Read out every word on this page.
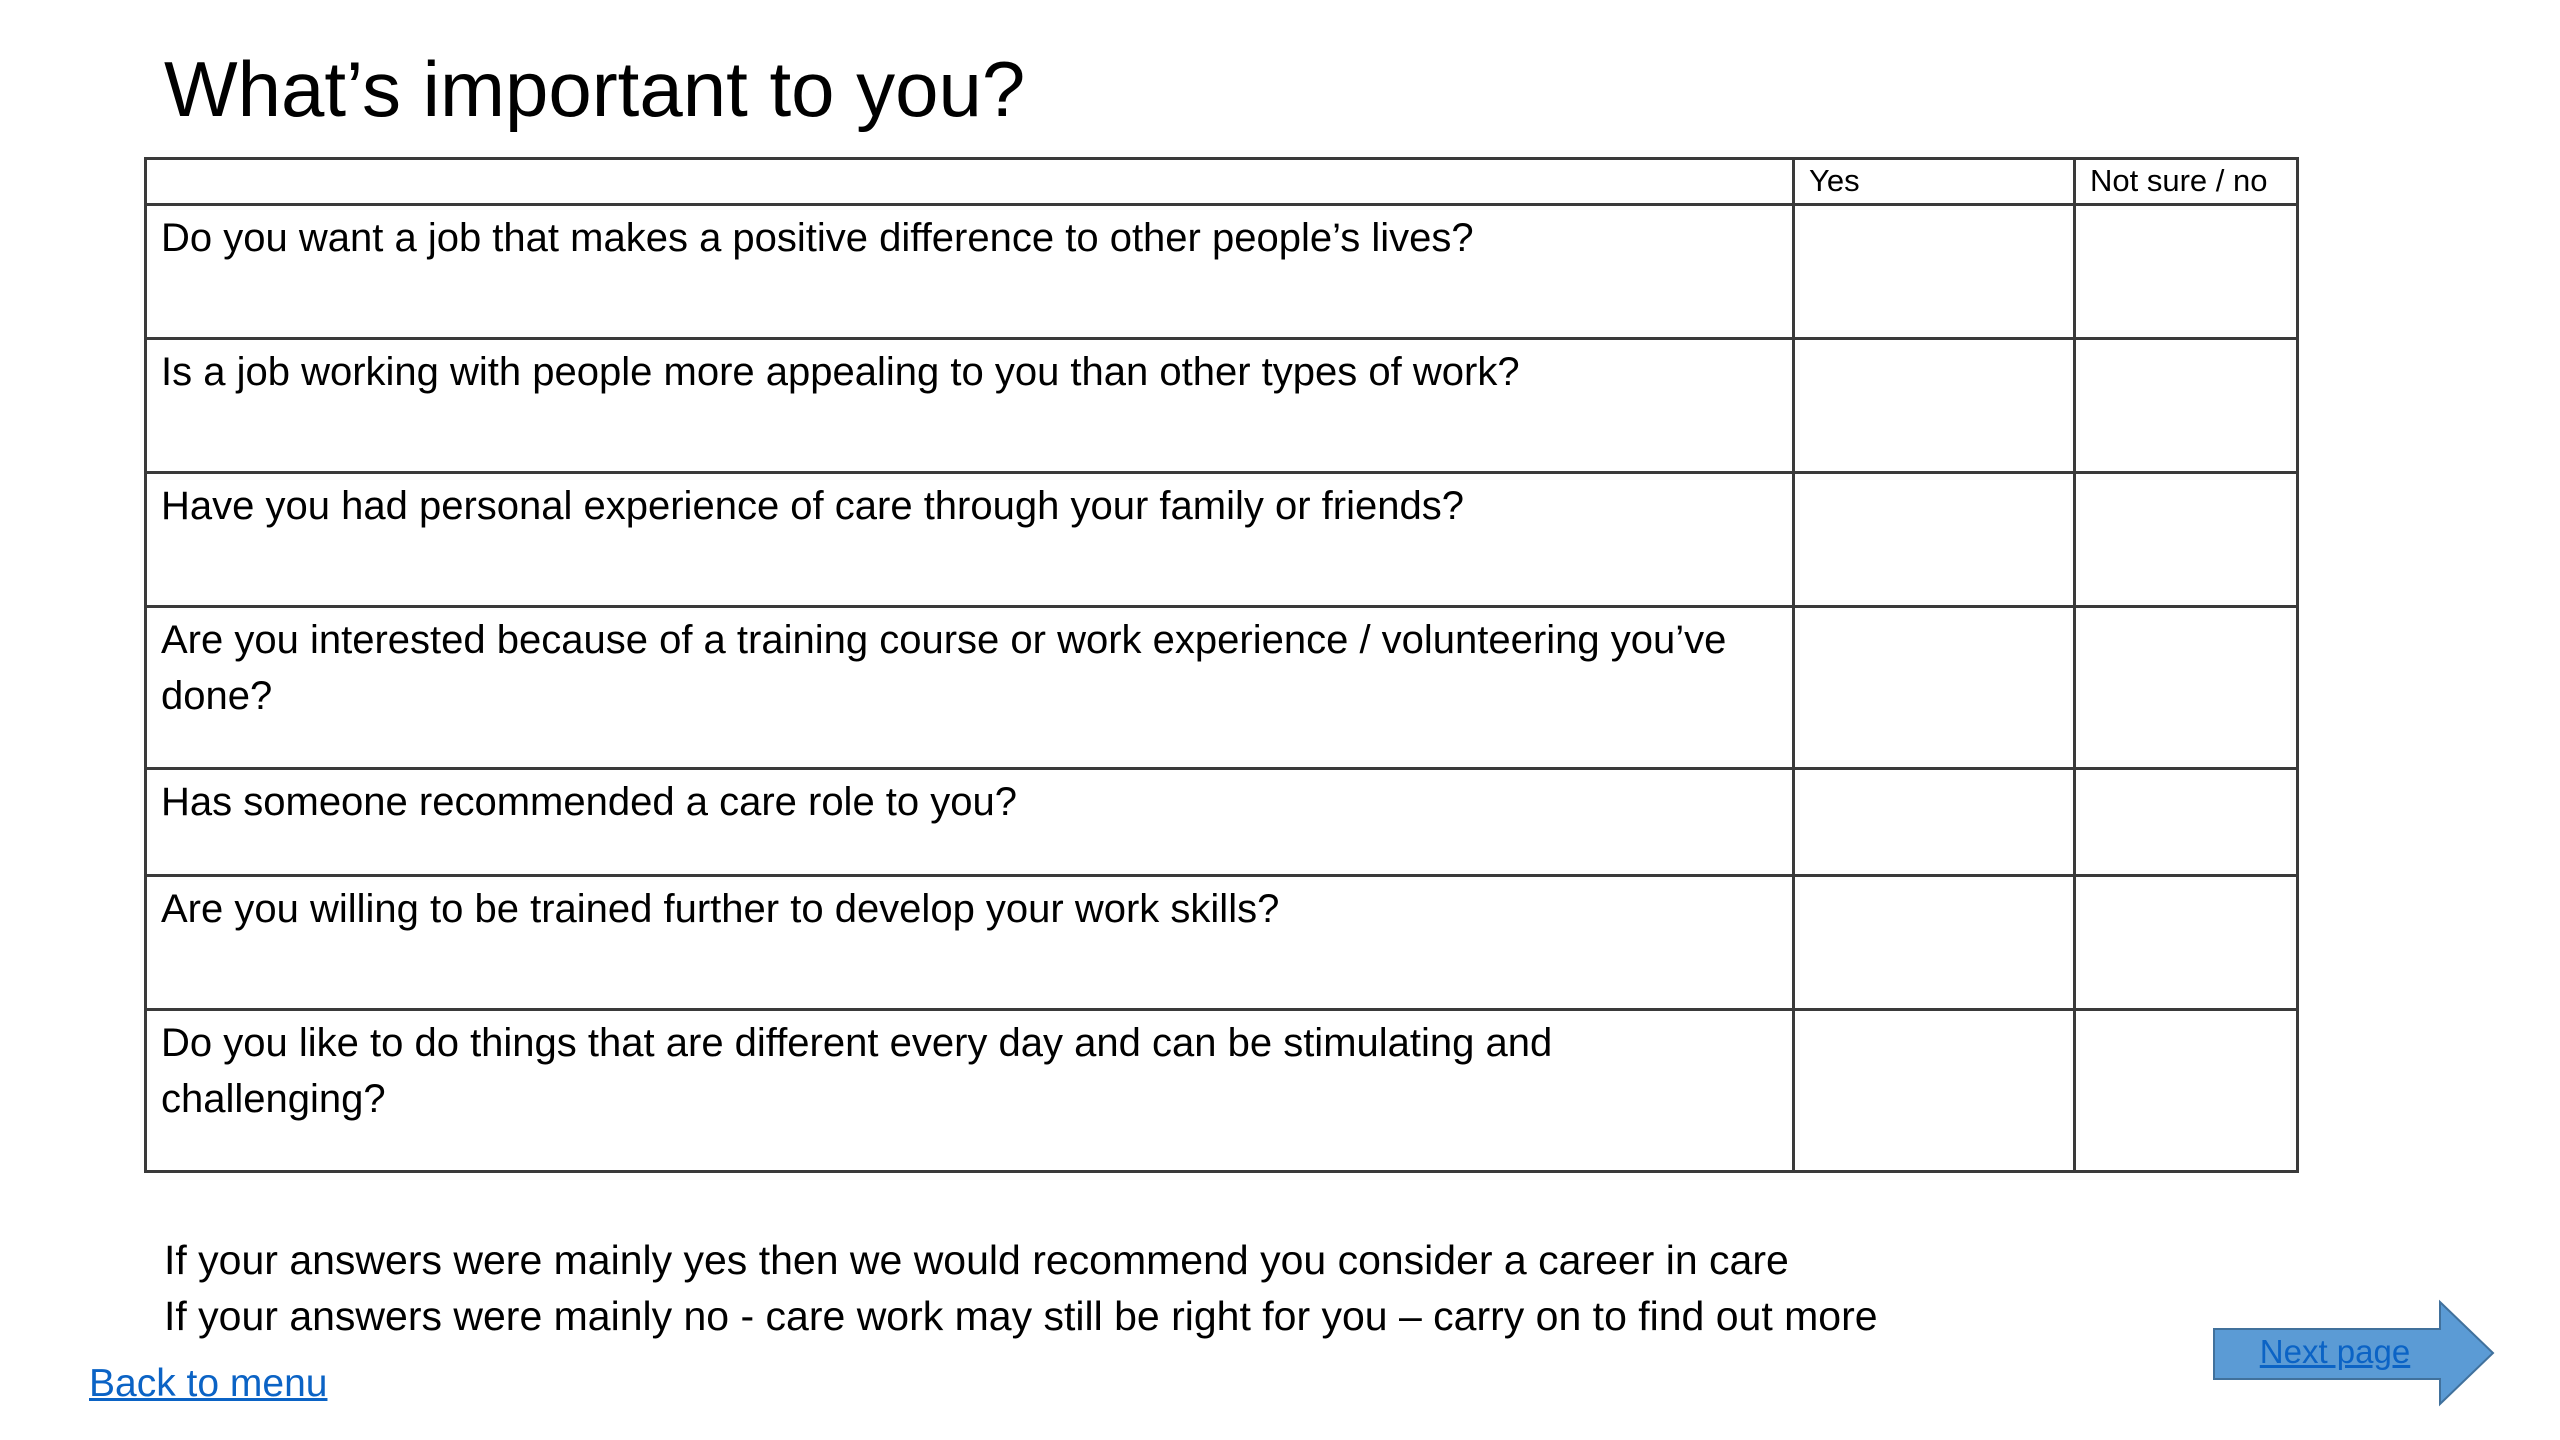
What’s important to you?
	Yes	Not sure / no
Do you want a job that makes a positive difference to other people’s lives?		
Is a job working with people more appealing to you than other types of work?		
Have you had personal experience of care through your family or friends?		
Are you interested because of a training course or work experience / volunteering you’ve done?		
Has someone recommended a care role to you?		
Are you willing to be trained further to develop your work skills?		
Do you like to do things that are different every day and can be stimulating and challenging?		
If your answers were mainly yes then we would recommend you consider a career in care
If your answers were mainly no - care work may still be right for you – carry on to find out more
Back to menu
Next page
